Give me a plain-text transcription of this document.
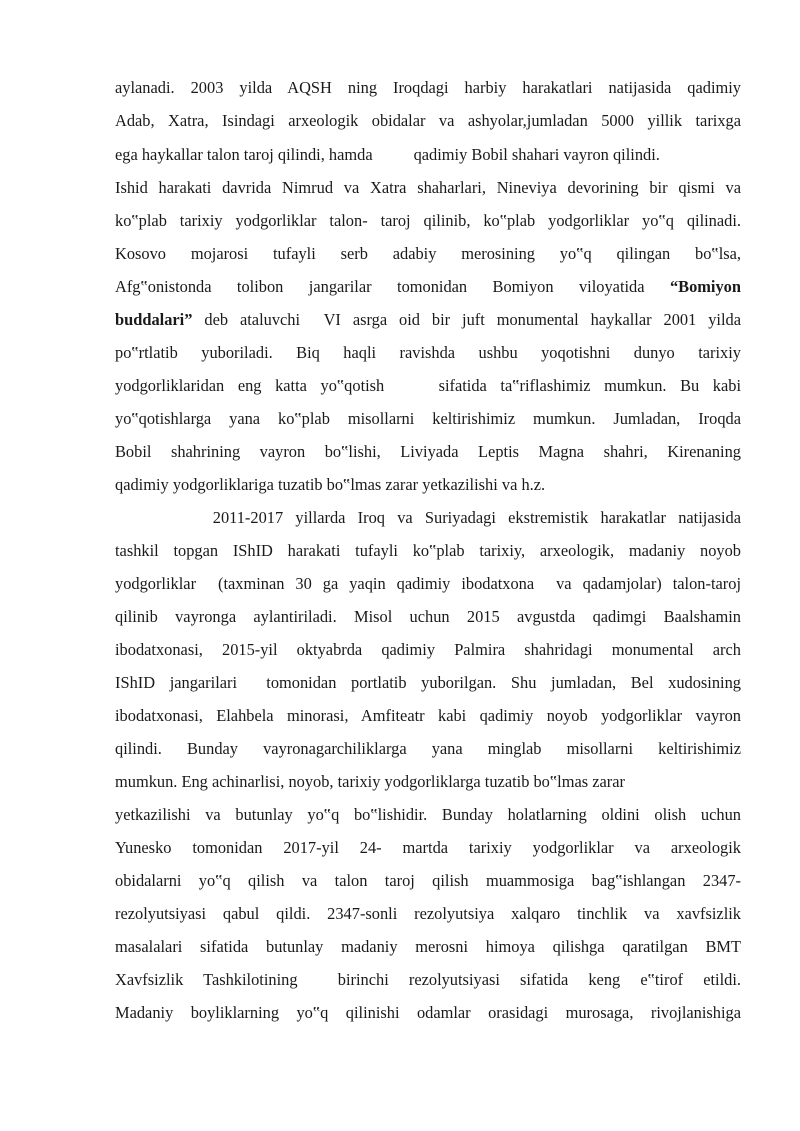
aylanadi. 2003 yilda AQSH ning Iroqdagi harbiy harakatlari natijasida qadimiy
Adab, Xatra, Isindagi arxeologik obidalar va ashyolar,jumladan 5000 yillik tarixga
ega haykallar talon taroj qilindi, hamda          qadimiy Bobil shahari vayron qilindi.
Ishid harakati davrida Nimrud va Xatra shaharlari, Nineviya devorining bir qismi va
ko‟plab tarixiy yodgorliklar talon- taroj qilinib, ko‟plab yodgorliklar yo‟q qilinadi.
Kosovo mojarosi tufayli serb adabiy merosining yo‟q qilingan bo‟lsa,
Afg‟onistonda tolibon jangarilar tomonidan Bomiyon viloyatida “Bomiyon
buddalari” deb ataluvchi  VI asrga oid bir juft monumental haykallar 2001 yilda
po‟rtlatib yuboriladi. Biq haqli ravishda ushbu yoqotishni dunyo tarixiy
yodgorliklaridan eng katta yo‟qotish    sifatida ta‟riflashimiz mumkun. Bu kabi
yo‟qotishlarga yana ko‟plab misollarni keltirishimiz mumkun. Jumladan, Iroqda
Bobil shahrining vayron bo‟lishi, Liviyada Leptis Magna shahri, Kirenaning
qadimiy yodgorliklariga tuzatib bo‟lmas zarar yetkazilishi va h.z.
2011-2017 yillarda Iroq va Suriyadagi ekstremistik harakatlar natijasida
tashkil topgan IShID harakati tufayli ko‟plab tarixiy, arxeologik, madaniy noyob
yodgorliklar  (taxminan 30 ga yaqin qadimiy ibodatxona  va qadamjolar) talon-taroj
qilinib vayronga aylantiriladi. Misol uchun 2015 avgustda qadimgi Baalshamin
ibodatxonasi, 2015-yil oktyabrda qadimiy Palmira shahridagi monumental arch
IShID jangarilari  tomonidan portlatib yuborilgan. Shu jumladan, Bel xudosining
ibodatxonasi, Elahbela minorasi, Amfiteatr kabi qadimiy noyob yodgorliklar vayron
qilindi. Bunday vayronagarchiliklarga yana minglab misollarni keltirishimiz
mumkun. Eng achinarlisi, noyob, tarixiy yodgorliklarga tuzatib bo‟lmas zarar
yetkazilishi va butunlay yo‟q bo‟lishidir. Bunday holatlarning oldini olish uchun
Yunesko tomonidan 2017-yil 24- martda tarixiy yodgorliklar va arxeologik
obidalarni yo‟q qilish va talon taroj qilish muammosiga bag‟ishlangan 2347-
rezolyutsiyasi qabul qildi. 2347-sonli rezolyutsiya xalqaro tinchlik va xavfsizlik
masalalari sifatida butunlay madaniy merosni himoya qilishga qaratilgan BMT
Xavfsizlik Tashkilotining  birinchi rezolyutsiyasi sifatida keng e‟tirof etildi.
Madaniy boyliklarning yo‟q qilinishi odamlar orasidagi murosaga, rivojlanishiga
